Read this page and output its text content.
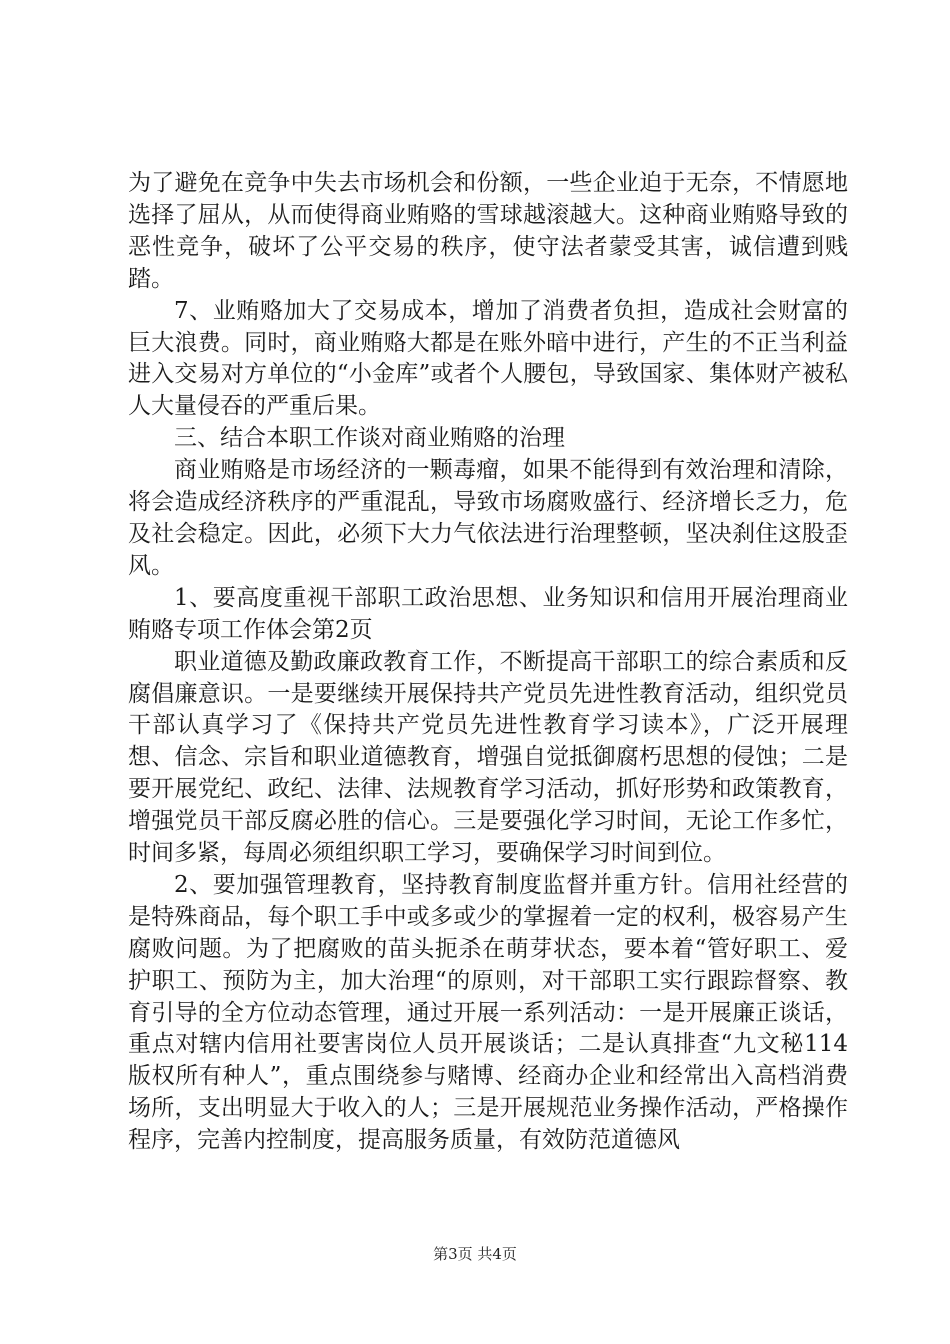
为了避免在竞争中失去市场机会和份额，一些企业迫于无奈，不情愿地选择了屈从，从而使得商业贿赂的雪球越滚越大。这种商业贿赂导致的恶性竞争，破坏了公平交易的秩序，使守法者蒙受其害，诚信遭到贱踏。

7、业贿赂加大了交易成本，增加了消费者负担，造成社会财富的巨大浪费。同时，商业贿赂大都是在账外暗中进行，产生的不正当利益进入交易对方单位的“小金库”或者个人腰包，导致国家、集体财产被私人大量侵吞的严重后果。

三、结合本职工作谈对商业贿赂的治理

商业贿赂是市场经济的一颗毒瘤，如果不能得到有效治理和清除，将会造成经济秩序的严重混乱，导致市场腐败盛行、经济增长乏力，危及社会稳定。因此，必须下大力气依法进行治理整顿，坚决刹住这股歪风。

1、要高度重视干部职工政治思想、业务知识和信用开展治理商业贿赂专项工作体会第2页

职业道德及勤政廉政教育工作，不断提高干部职工的综合素质和反腐倡廉意识。一是要继续开展保持共产党员先进性教育活动，组织党员干部认真学习了《保持共产党员先进性教育学习读本》，广泛开展理想、信念、宗旨和职业道德教育，增强自觉抵御腐朽思想的侵蚀；二是要开展党纪、政纪、法律、法规教育学习活动，抓好形势和政策教育，增强党员干部反腐必胜的信心。三是要强化学习时间，无论工作多忙，时间多紧，每周必须组织职工学习，要确保学习时间到位。

2、要加强管理教育，坚持教育制度监督并重方针。信用社经营的是特殊商品，每个职工手中或多或少的掌握着一定的权利，极容易产生腐败问题。为了把腐败的苗头扼杀在萌芽状态，要本着“管好职工、爱护职工、预防为主，加大治理“的原则，对干部职工实行跟踪督察、教育引导的全方位动态管理，通过开展一系列活动：一是开展廉正谈话，重点对辖内信用社要害岗位人员开展谈话；二是认真排查“九文秘114版权所有种人”，重点围绕参与赌博、经商办企业和经常出入高档消费场所，支出明显大于收入的人；三是开展规范业务操作活动，严格操作程序，完善内控制度，提高服务质量，有效防范道德风

第3页 共4页
